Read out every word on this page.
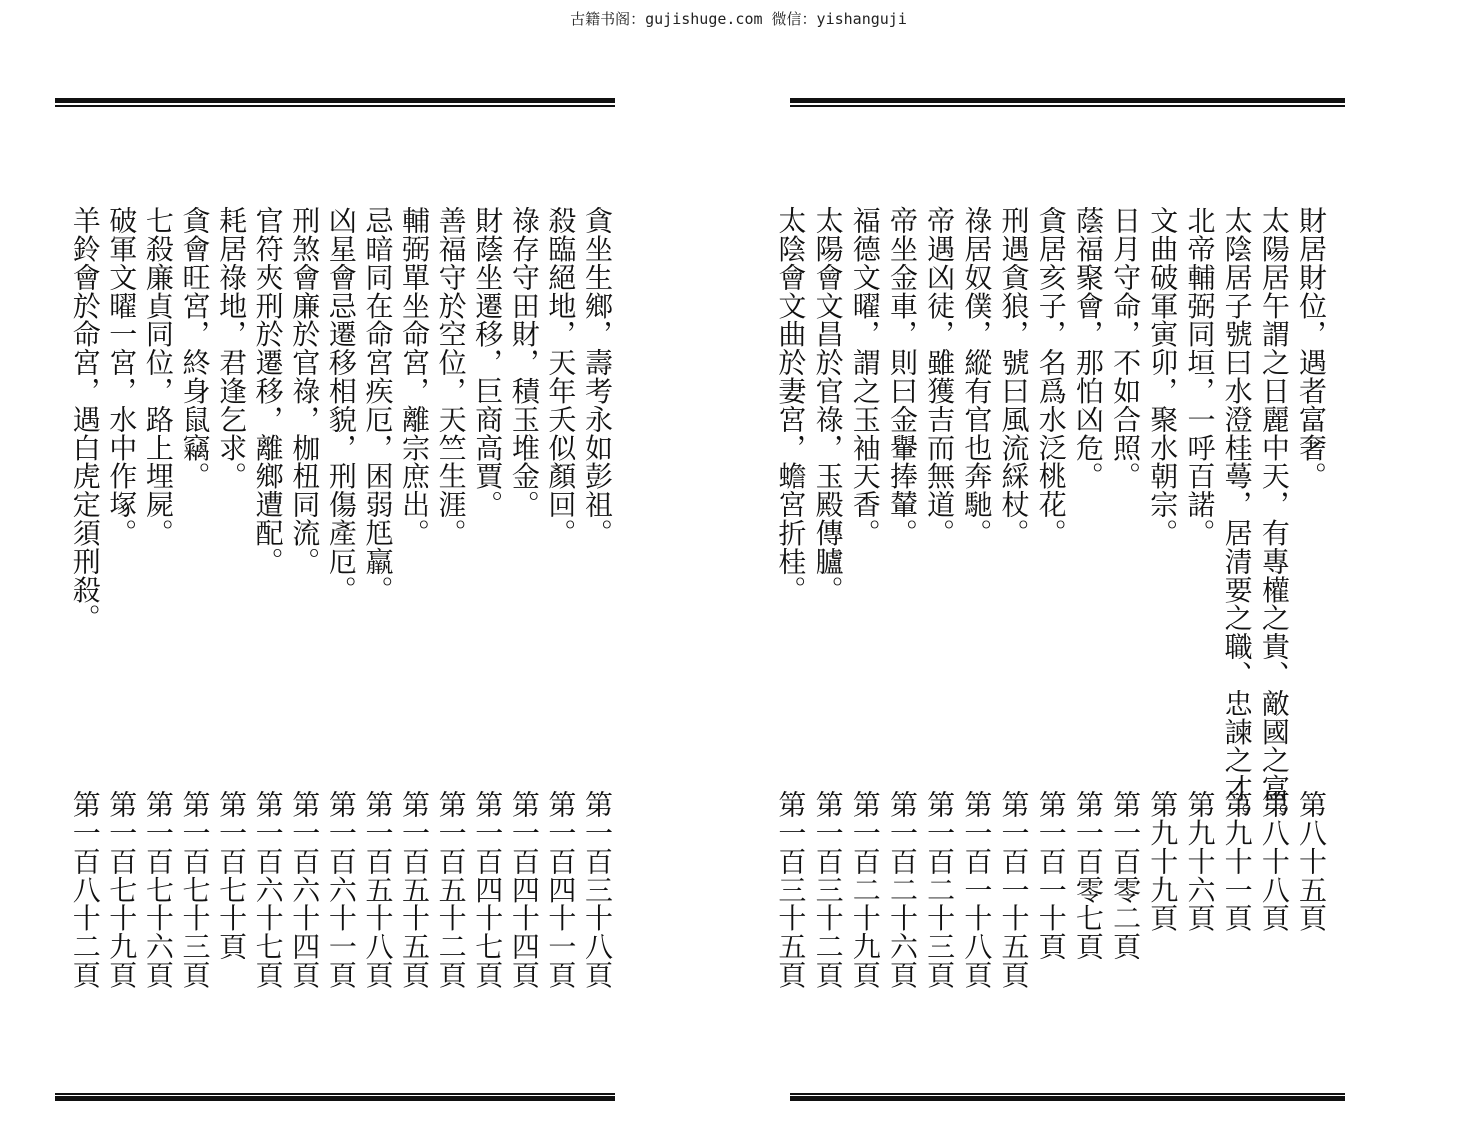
古籍书阁：gujishuge.com 微信：yishanguji
貪坐生鄉，壽考永如彭祖。
殺臨絕地，天年夭似顏回。
祿存守田財，積玉堆金。
財蔭坐遷移，巨商高賈。
善福守於空位，天竺生涯。
輔弼單坐命宮，離宗庶出。
忌暗同在命宮疾厄，困弱尪羸。
凶星會忌遷移相貌，刑傷產厄。
刑煞會廉於官祿，枷杻同流。
官符夾刑於遷移，離鄉遭配。
耗居祿地，君逢乞求。
貪會旺宮，終身鼠竊。
七殺廉貞同位，路上埋屍。
破軍文曜一宮，水中作塚。
羊鈴會於命宮，遇白虎定須刑殺。
第一百三十八頁
第一百四十一頁
第一百四十四頁
第一百四十七頁
第一百五十二頁
第一百五十五頁
第一百五十八頁
第一百六十一頁
第一百六十四頁
第一百六十七頁
第一百七十頁
第一百七十三頁
第一百七十六頁
第一百七十九頁
第一百八十二頁
財居財位，遇者富奢。
太陽居午謂之日麗中天，有專權之貴、敵國之富。
太陰居子號曰水澄桂蕚，居清要之職、忠諫之才。
北帝輔弼同垣，一呼百諾。
文曲破軍寅卯，聚水朝宗。
日月守命，不如合照。
蔭福聚會，那怕凶危。
貪居亥子，名爲水泛桃花。
刑遇貪狼，號曰風流綵杖。
祿居奴僕，縱有官也奔馳。
帝遇凶徒，雖獲吉而無道。
帝坐金車，則曰金轝捧輦。
福德文曜，謂之玉袖天香。
太陽會文昌於官祿，玉殿傳臚。
太陰會文曲於妻宮，蟾宮折桂。
第八十五頁
第八十八頁
第九十一頁
第九十六頁
第九十九頁
第一百零二頁
第一百零七頁
第一百一十頁
第一百一十五頁
第一百一十八頁
第一百二十三頁
第一百二十六頁
第一百二十九頁
第一百三十二頁
第一百三十五頁
